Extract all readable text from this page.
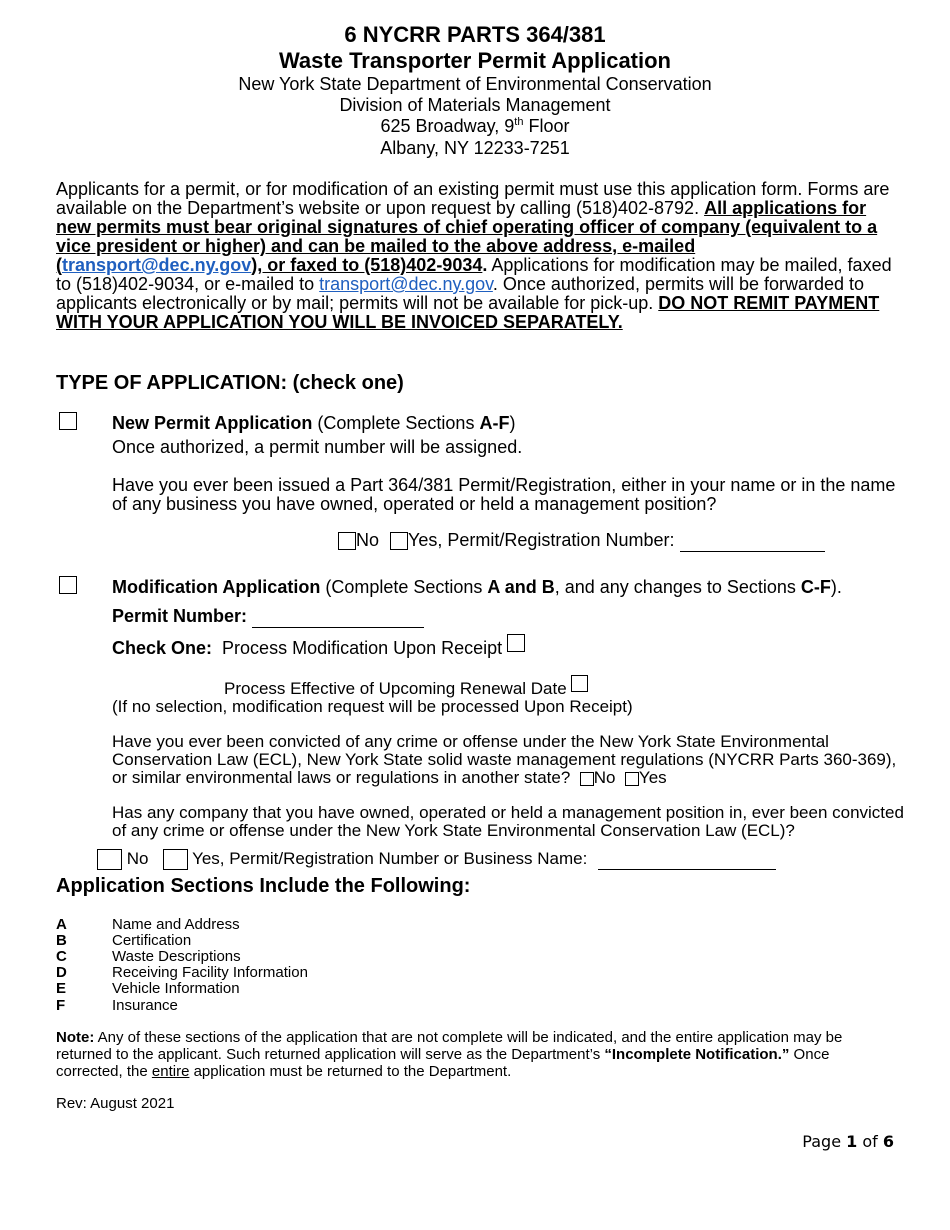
6 NYCRR PARTS 364/381
Waste Transporter Permit Application
New York State Department of Environmental Conservation
Division of Materials Management
625 Broadway, 9th Floor
Albany, NY 12233-7251
Applicants for a permit, or for modification of an existing permit must use this application form. Forms are available on the Department’s website or upon request by calling (518)402-8792. All applications for new permits must bear original signatures of chief operating officer of company (equivalent to a vice president or higher) and can be mailed to the above address, e-mailed (transport@dec.ny.gov), or faxed to (518)402-9034. Applications for modification may be mailed, faxed to (518)402-9034, or e-mailed to transport@dec.ny.gov. Once authorized, permits will be forwarded to applicants electronically or by mail; permits will not be available for pick-up. DO NOT REMIT PAYMENT WITH YOUR APPLICATION YOU WILL BE INVOICED SEPARATELY.
TYPE OF APPLICATION: (check one)
New Permit Application (Complete Sections A-F)
Once authorized, a permit number will be assigned.
Have you ever been issued a Part 364/381 Permit/Registration, either in your name or in the name of any business you have owned, operated or held a management position?
No Yes, Permit/Registration Number:
Modification Application (Complete Sections A and B, and any changes to Sections C-F).
Permit Number:
Check One: Process Modification Upon Receipt
Process Effective of Upcoming Renewal Date
(If no selection, modification request will be processed Upon Receipt)
Have you ever been convicted of any crime or offense under the New York State Environmental Conservation Law (ECL), New York State solid waste management regulations (NYCRR Parts 360-369), or similar environmental laws or regulations in another state? No Yes
Has any company that you have owned, operated or held a management position in, ever been convicted of any crime or offense under the New York State Environmental Conservation Law (ECL)?
No	Yes, Permit/Registration Number or Business Name:
Application Sections Include the Following:
A	Name and Address
B	Certification
C	Waste Descriptions
D	Receiving Facility Information
E	Vehicle Information
F	Insurance
Note: Any of these sections of the application that are not complete will be indicated, and the entire application may be returned to the applicant. Such returned application will serve as the Department’s “Incomplete Notification.” Once corrected, the entire application must be returned to the Department.
Rev: August 2021
Page 1 of 6
